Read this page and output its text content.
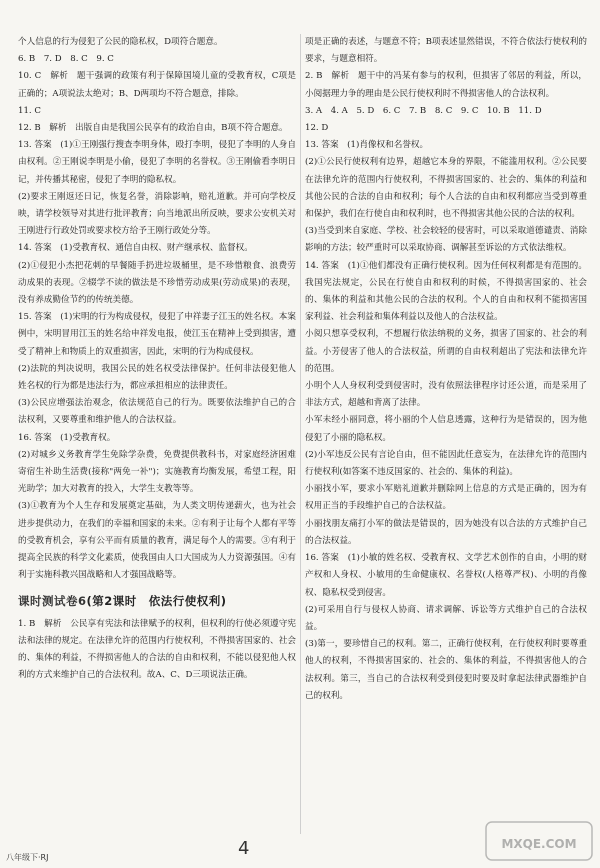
个人信息的行为侵犯了公民的隐私权，D项符合题意。

6. B　7. D　8. C　9. C

10. C　解析　题干强调的政策有利于保障国境儿童的受教育权，C项是正确的；A项说法太绝对；B、D两项均不符合题意，排除。

11. C

12. B　解析　出版自由是我国公民享有的政治自由，B项不符合题意。

13. 答案　(1)①王刚强行搜查李明身体，殴打李明，侵犯了李明的人身自由权利。②王刚说李明是小偷，侵犯了李明的名誉权。③王刚偷看李明日记，并传播其秘密，侵犯了李明的隐私权。

(2)要求王刚返还日记，恢复名誉，消除影响，赔礼道歉。并可向学校反映，请学校领导对其进行批评教育；向当地派出所反映，要求公安机关对王刚进行行政处罚或要求校方给予王刚行政处分等。

14. 答案　(1)受教育权、通信自由权、财产继承权、监督权。

(2)①侵犯小杰把花刺的早餐随手扔进垃圾桶里，是不珍惜粮食、浪费劳动成果的表现。②辍学不读的做法是不珍惜劳动成果(劳动成果)的表现，没有养成勤俭节约的传统美德。

15. 答案　(1)宋明的行为构成侵权，侵犯了申祥妻子江玉的姓名权。本案例中，宋明冒用江玉的姓名给申祥发电报，使江玉在精神上受到损害，遭受了精神上和物质上的双重损害，因此，宋明的行为构成侵权。

(2)法院的判决说明，我国公民的姓名权受法律保护。任何非法侵犯他人姓名权的行为都是违法行为，都应承担相应的法律责任。

(3)公民应增强法治观念，依法规范自己的行为。既要依法维护自己的合法权利，又要尊重和维护他人的合法权益。

16. 答案　(1)受教育权。

(2)对城乡义务教育学生免除学杂费，免费提供教科书，对家庭经济困难寄宿生补助生活费(接称"两免一补")；实施教育均衡发展，希望工程，阳光助学；加大对教育的投入，大学生支教等等。

(3)①教育为个人生存和发展奠定基础，为人类文明传递薪火，也为社会进步提供动力，在我们的幸福和国家的未来。②有利于让每个人都有平等的受教育机会，享有公平而有质量的教育，满足每个人的需要。③有利于提高全民族的科学文化素质，使我国由人口大国成为人力资源强国。④有利于实施科教兴国战略和人才强国战略等。

课时测试卷6(第2课时　依法行使权利)

1. B　解析　公民享有宪法和法律赋予的权利，但权利的行使必须遵守宪法和法律的规定。在法律允许的范围内行使权利，不得损害国家的、社会的、集体的利益，不得损害他人的合法的自由和权利，不能以侵犯他人权利的方式来维护自己的合法权利。故A、C、D三项说法正确。

项是正确的表述，与题意不符；B项表述显然错误，不符合依法行使权利的要求，与题意相符。

2. B　解析　题干中的冯某有参与的权利，但损害了邻居的利益，所以，小阅据理力争的理由是公民行使权利时不得损害他人的合法权利。

3. A　4. A　5. D　6. C　7. B　8. C　9. C　10. B　11. D

12. D

13. 答案　(1)肖像权和名誉权。

(2)①公民行使权利有边界，超越它本身的界限，不能滥用权利。②公民要在法律允许的范围内行使权利，不得损害国家的、社会的、集体的利益和其他公民的合法的自由和权利；每个人合法的自由和权利都应当受到尊重和保护，我们在行使自由和权利时，也不得损害其他公民的合法的权利。

(3)当受到来自家庭、学校、社会较轻的侵害时，可以采取道德谴责、消除影响的方法；较严重时可以采取协商、调解甚至诉讼的方式依法维权。

14. 答案　(1)①他们都没有正确行使权利。因为任何权利都是有范围的。我国宪法规定，公民在行使自由和权利的时候，不得损害国家的、社会的、集体的利益和其他公民的合法的权利。个人的自由和权利不能损害国家利益、社会利益和集体利益以及他人的合法权益。

小阅只想享受权利，不想履行依法纳税的义务，损害了国家的、社会的利益。小芳侵害了他人的合法权益，所谓的自由权利超出了宪法和法律允许的范围。

小明个人人身权利受到侵害时，没有依照法律程序讨还公道，而是采用了非法方式，超越和背离了法律。

小军未经小丽同意，将小丽的个人信息透露，这种行为是错误的，因为他侵犯了小丽的隐私权。

(2)小军违反公民有言论自由，但不能因此任意妄为，在法律允许的范围内行使权利(如答案不违反国家的、社会的、集体的利益)。

小丽找小军，要求小军赔礼道歉并删除网上信息的方式是正确的，因为有权用正当的手段维护自己的合法权益。

小丽找朋友痛打小军的做法是错误的，因为她没有以合法的方式维护自己的合法权益。

16. 答案　(1)小敏的姓名权、受教育权、文学艺术创作的自由，小明的财产权和人身权、小敏用的生命健康权、名誉权(人格尊严权)、小明的肖像权、隐私权受到侵害。

(2)可采用自行与侵权人协商、请求调解、诉讼等方式维护自己的合法权益。

(3)第一，要珍惜自己的权利。第二，正确行使权利，在行使权利时要尊重他人的权利，不得损害国家的、社会的、集体的利益，不得损害他人的合法权利。第三，当自己的合法权利受到侵犯时要及时拿起法律武器维护自己的权利。

4
八年级下·RJ
MXQE.COM
